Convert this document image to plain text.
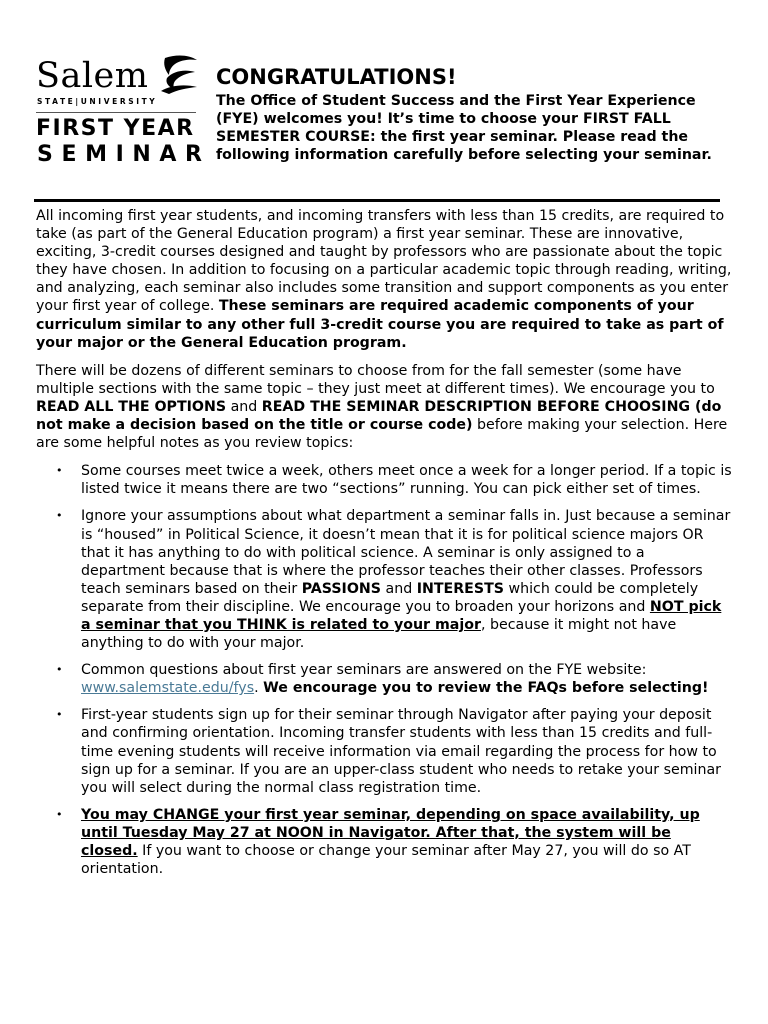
Salem
STATE|UNIVERSITY
FIRST YEAR
SEMINAR
CONGRATULATIONS!

The Office of Student Success and the First Year Experience (FYE) welcomes you! It’s time to choose your FIRST FALL SEMESTER COURSE: the first year seminar. Please read the following information carefully before selecting your seminar.

All incoming first year students, and incoming transfers with less than 15 credits, are required to take (as part of the General Education program) a first year seminar. These are innovative, exciting, 3-credit courses designed and taught by professors who are passionate about the topic they have chosen. In addition to focusing on a particular academic topic through reading, writing, and analyzing, each seminar also includes some transition and support components as you enter your first year of college. These seminars are required academic components of your curriculum similar to any other full 3-credit course you are required to take as part of your major or the General Education program.

There will be dozens of different seminars to choose from for the fall semester (some have multiple sections with the same topic – they just meet at different times). We encourage you to READ ALL THE OPTIONS and READ THE SEMINAR DESCRIPTION BEFORE CHOOSING (do not make a decision based on the title or course code) before making your selection. Here are some helpful notes as you review topics:

• Some courses meet twice a week, others meet once a week for a longer period. If a topic is listed twice it means there are two “sections” running. You can pick either set of times.
• Ignore your assumptions about what department a seminar falls in. Just because a seminar is “housed” in Political Science, it doesn’t mean that it is for political science majors OR that it has anything to do with political science. A seminar is only assigned to a department because that is where the professor teaches their other classes. Professors teach seminars based on their PASSIONS and INTERESTS which could be completely separate from their discipline. We encourage you to broaden your horizons and NOT pick a seminar that you THINK is related to your major, because it might not have anything to do with your major.
• Common questions about first year seminars are answered on the FYE website: www.salemstate.edu/fys. We encourage you to review the FAQs before selecting!
• First-year students sign up for their seminar through Navigator after paying your deposit and confirming orientation. Incoming transfer students with less than 15 credits and full-time evening students will receive information via email regarding the process for how to sign up for a seminar. If you are an upper-class student who needs to retake your seminar you will select during the normal class registration time.
• You may CHANGE your first year seminar, depending on space availability, up until Tuesday May 27 at NOON in Navigator. After that, the system will be closed. If you want to choose or change your seminar after May 27, you will do so AT orientation.
